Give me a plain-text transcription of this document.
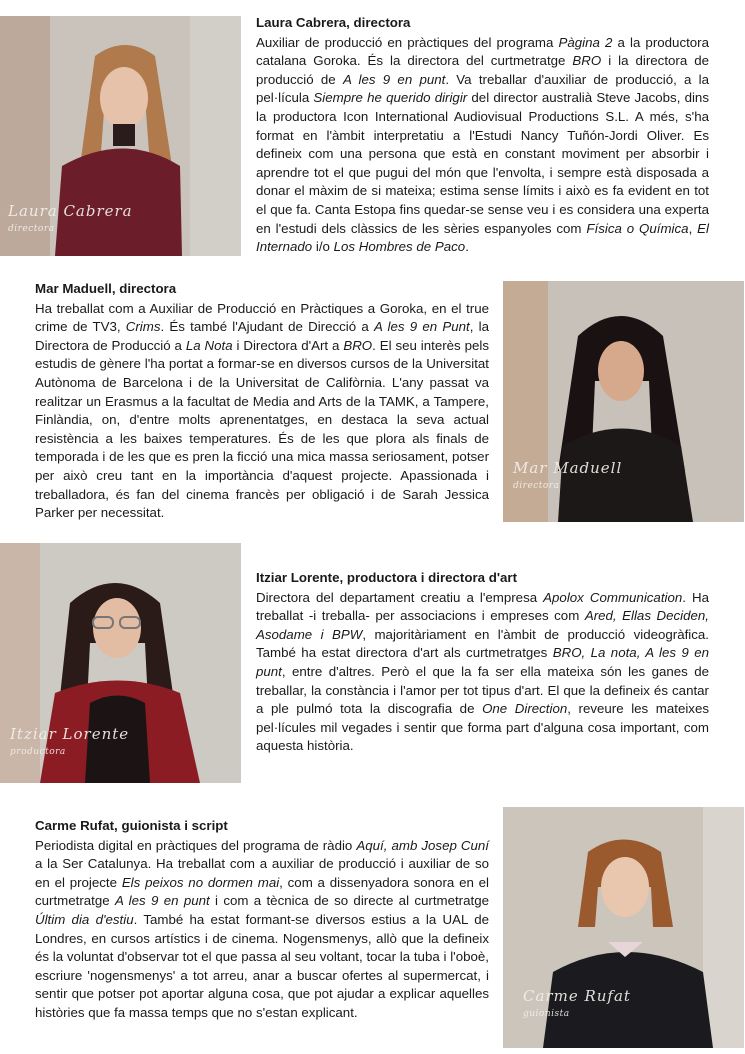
Laura Cabrera
directora
Laura Cabrera, directora

Auxiliar de producció en pràctiques del programa Pàgina 2 a la productora catalana Goroka. És la directora del curtmetratge BRO i la directora de producció de A les 9 en punt. Va treballar d'auxiliar de producció, a la pel·lícula Siempre he querido dirigir del director australià Steve Jacobs, dins la productora Icon International Audiovisual Productions S.L. A més, s'ha format en l'àmbit interpretatiu a l'Estudi Nancy Tuñón-Jordi Oliver. Es defineix com una persona que està en constant moviment per absorbir i aprendre tot el que pugui del món que l'envolta, i sempre està disposada a donar el màxim de si mateixa; estima sense límits i això es fa evident en tot el que fa. Canta Estopa fins quedar-se sense veu i es considera una experta en l'estudi dels clàssics de les sèries espanyoles com Física o Química, El Internado i/o Los Hombres de Paco.

Mar Maduell, directora

Ha treballat com a Auxiliar de Producció en Pràctiques a Goroka, en el true crime de TV3, Crims. És també l'Ajudant de Direcció a A les 9 en Punt, la Directora de Producció a La Nota i Directora d'Art a BRO. El seu interès pels estudis de gènere l'ha portat a formar-se en diversos cursos de la Universitat Autònoma de Barcelona i de la Universitat de Califòrnia. L'any passat va realitzar un Erasmus a la facultat de Media and Arts de la TAMK, a Tampere, Finlàndia, on, d'entre molts aprenentatges, en destaca la seva actual resistència a les baixes temperatures. És de les que plora als finals de temporada i de les que es pren la ficció una mica massa seriosament, potser per això creu tant en la importància d'aquest projecte. Apassionada i treballadora, és fan del cinema francès per obligació i de Sarah Jessica Parker per necessitat.

Mar Maduell
directora
Itziar Lorente
productora
Itziar Lorente, productora i directora d'art

Directora del departament creatiu a l'empresa Apolox Communication. Ha treballat -i treballa- per associacions i empreses com Ared, Ellas Deciden, Asodame i BPW, majoritàriament en l'àmbit de producció videogràfica. També ha estat directora d'art als curtmetratges BRO, La nota, A les 9 en punt, entre d'altres. Però el que la fa ser ella mateixa són les ganes de treballar, la constància i l'amor per tot tipus d'art. El que la defineix és cantar a ple pulmó tota la discografia de One Direction, reveure les mateixes pel·lícules mil vegades i sentir que forma part d'alguna cosa important, com aquesta història.

Carme Rufat, guionista i script

Periodista digital en pràctiques del programa de ràdio Aquí, amb Josep Cuní a la Ser Catalunya. Ha treballat com a auxiliar de producció i auxiliar de so en el projecte Els peixos no dormen mai, com a dissenyadora sonora en el curtmetratge A les 9 en punt i com a tècnica de so directe al curtmetratge Últim dia d'estiu. També ha estat formant-se diversos estius a la UAL de Londres, en cursos artístics i de cinema. Nogensmenys, allò que la defineix és la voluntat d'observar tot el que passa al seu voltant, tocar la tuba i l'oboè, escriure 'nogensmenys' a tot arreu, anar a buscar ofertes al supermercat, i sentir que potser pot aportar alguna cosa, que pot ajudar a explicar aquelles històries que fa massa temps que no s'estan explicant.

Carme Rufat
guionista
